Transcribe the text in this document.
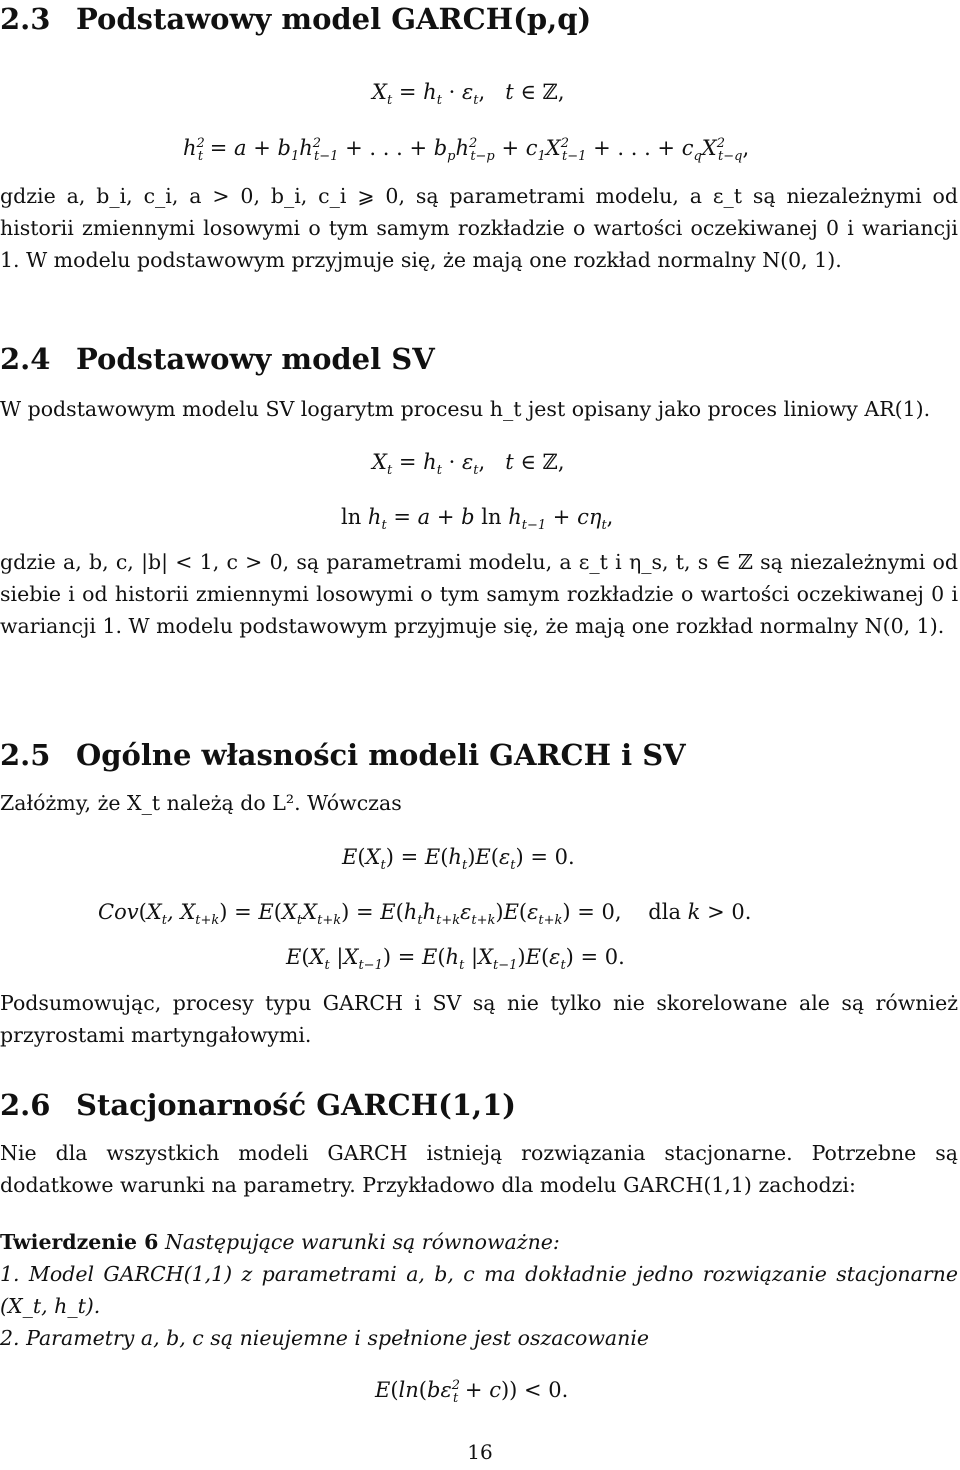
2.3 Podstawowy model GARCH(p,q)
$X_t = h_t \cdot \varepsilon_t$,   t ∈ ℤ,
$h^2_t = a + b_1h^2_{t-1}$ + . . . + $b_ph^2_{t-p} + c_1X^2_{t-1}$ + . . . + $c_qX^2_{t-q}$,
gdzie a, b_i, c_i, a > 0, b_i, c_i ⩾ 0, są parametrami modelu, a ε_t są niezależnymi od historii zmiennymi losowymi o tym samym rozkładzie o wartości oczekiwanej 0 i wariancji 1. W modelu podstawowym przyjmuje się, że mają one rozkład normalny N(0, 1).
2.4 Podstawowy model SV
W podstawowym modelu SV logarytm procesu h_t jest opisany jako proces liniowy AR(1).
$X_t = h_t \cdot \varepsilon_t$,   t ∈ ℤ,
$\ln h_t = a + b$ $\ln h_{t-1} + c\eta_t$,
gdzie a, b, c, |b| < 1, c > 0, są parametrami modelu, a ε_t i η_s, t, s ∈ ℤ są niezależnymi od siebie i od historii zmiennymi losowymi o tym samym rozkładzie o wartości oczekiwanej 0 i wariancji 1. W modelu podstawowym przyjmuje się, że mają one rozkład normalny N(0, 1).
2.5 Ogólne własności modeli GARCH i SV
Załóżmy, że X_t należą do L². Wówczas
$E(X_t) = E(h_t)E(\varepsilon_t) = 0$.
$Cov(X_t$, $X_{t+k}) = E(X_tX_{t+k}) = E(h_th_{t+k}\varepsilon_{t+k})E(\varepsilon_{t+k}) = 0$, dla k > 0.
$E(X_t$ $|X_{t-1}) = E(h_t$ $|X_{t-1})E(\varepsilon_t) = 0$.
Podsumowując, procesy typu GARCH i SV są nie tylko nie skorelowane ale są również przyrostami martyngałowymi.
2.6 Stacjonarność GARCH(1,1)
Nie dla wszystkich modeli GARCH istnieją rozwiązania stacjonarne. Potrzebne są dodatkowe warunki na parametry. Przykładowo dla modelu GARCH(1,1) zachodzi:
Twierdzenie 6 Następujące warunki są równoważne:
1. Model GARCH(1,1) z parametrami a, b, c ma dokładnie jedno rozwiązanie stacjonarne (X_t, h_t).
2. Parametry a, b, c są nieujemne i spełnione jest oszacowanie
$E(\ln(b\varepsilon^2_t + c)) < 0$.
16
